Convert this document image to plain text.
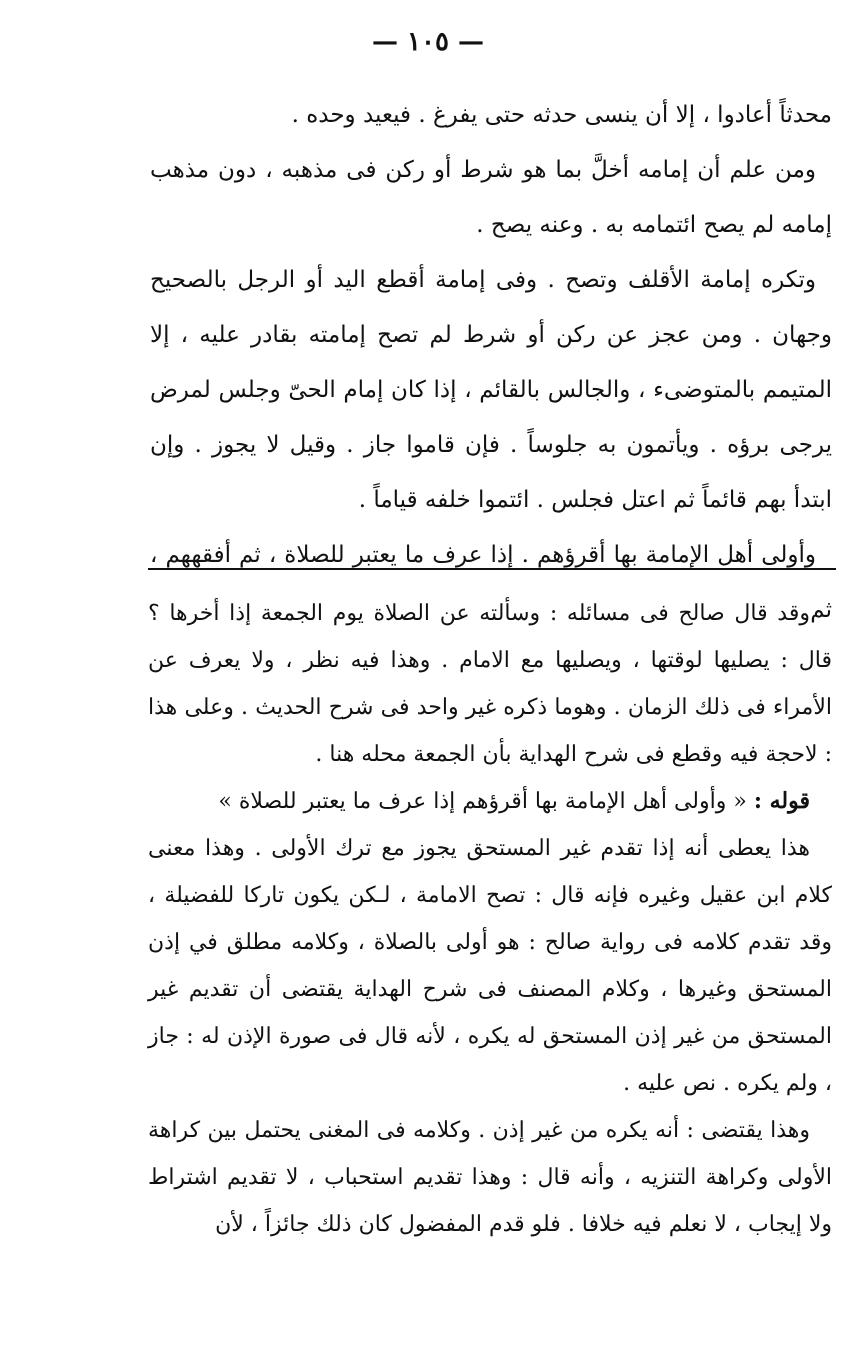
— ١٠٥ —

محدثاً أعادوا ، إلا أن ينسى حدثه حتى يفرغ . فيعيد وحده .

ومن علم أن إمامه أخلَّ بما هو شرط أو ركن فى مذهبه ، دون مذهب إمامه لم يصح ائتمامه به . وعنه يصح .

وتكره إمامة الأقلف وتصح . وفى إمامة أقطع اليد أو الرجل بالصحيح وجهان . ومن عجز عن ركن أو شرط لم تصح إمامته بقادر عليه ، إلا المتيمم بالمتوضىء ، والجالس بالقائم ، إذا كان إمام الحىّ وجلس لمرض يرجى برؤه . ويأتمون به جلوساً . فإن قاموا جاز . وقيل لا يجوز . وإن ابتدأ بهم قائماً ثم اعتل فجلس . ائتموا خلفه قياماً .

وأولى أهل الإمامة بها أقرؤهم . إذا عرف ما يعتبر للصلاة ، ثم أفقههم ، ثم

وقد قال صالح فى مسائله : وسألته عن الصلاة يوم الجمعة إذا أخرها ؟ قال : يصليها لوقتها ، ويصليها مع الامام . وهذا فيه نظر ، ولا يعرف عن الأمراء فى ذلك الزمان . وهوما ذكره غير واحد فى شرح الحديث . وعلى هذا : لاحجة فيه وقطع فى شرح الهداية بأن الجمعة محله هنا .

قوله : « وأولى أهل الإمامة بها أقرؤهم إذا عرف ما يعتبر للصلاة »

هذا يعطى أنه إذا تقدم غير المستحق يجوز مع ترك الأولى . وهذا معنى كلام ابن عقيل وغيره فإنه قال : تصح الامامة ، لـكن يكون تاركا للفضيلة ، وقد تقدم كلامه فى رواية صالح : هو أولى بالصلاة ، وكلامه مطلق في إذن المستحق وغيرها ، وكلام المصنف فى شرح الهداية يقتضى أن تقديم غير المستحق من غير إذن المستحق له يكره ، لأنه قال فى صورة الإذن له : جاز ، ولم يكره . نص عليه .

وهذا يقتضى : أنه يكره من غير إذن . وكلامه فى المغنى يحتمل بين كراهة الأولى وكراهة التنزيه ، وأنه قال : وهذا تقديم استحباب ، لا تقديم اشتراط ولا إيجاب ، لا نعلم فيه خلافا . فلو قدم المفضول كان ذلك جائزاً ، لأن
